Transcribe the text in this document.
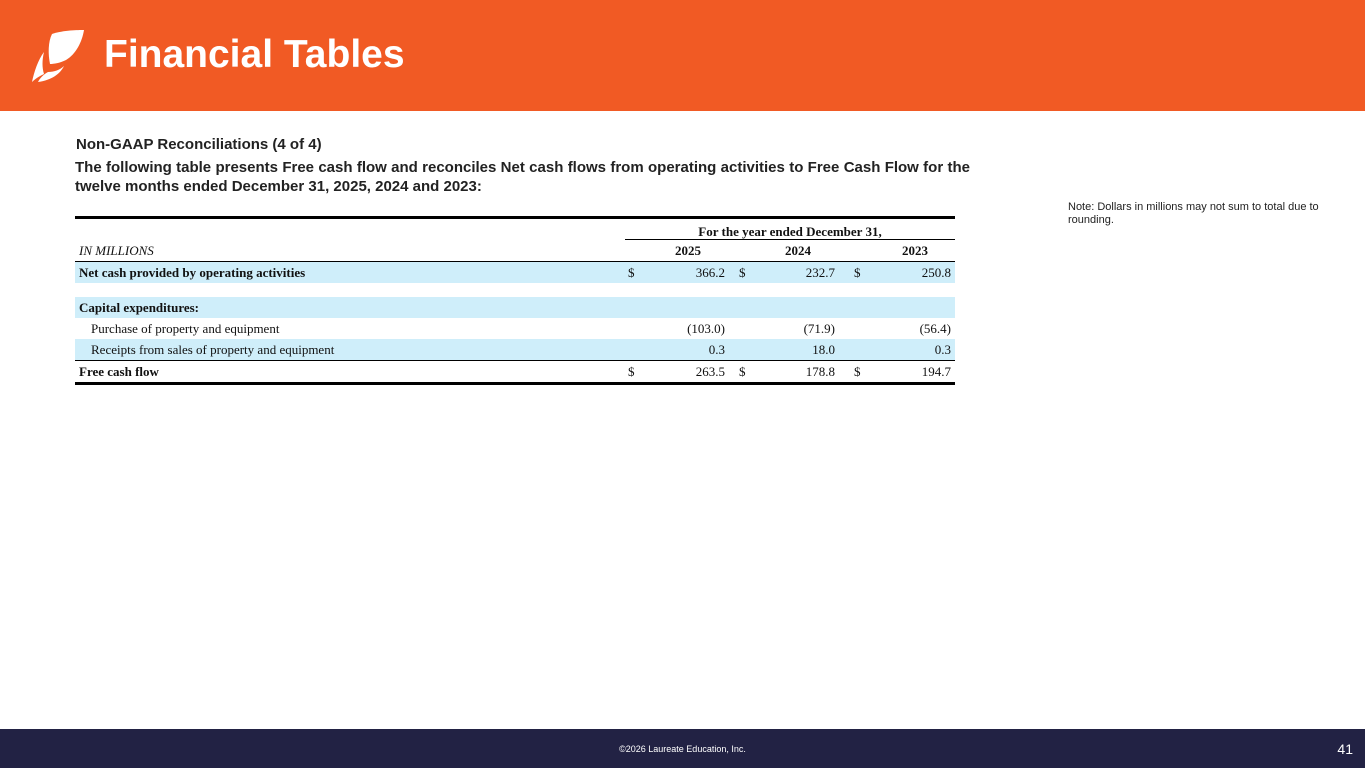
Financial Tables
Non-GAAP Reconciliations (4 of 4)
The following table presents Free cash flow and reconciles Net cash flows from operating activities to Free Cash Flow for the twelve months ended December 31, 2025, 2024 and 2023:
Note: Dollars in millions may not sum to total due to rounding.
For the year ended December 31,
IN MILLIONS	2025	2024	2023
Net cash provided by operating activities	$	366.2 $	232.7 $	250.8
Capital expenditures:
Purchase of property and equipment	(103.0)	(71.9)	(56.4)
Receipts from sales of property and equipment	0.3	18.0	0.3
Free cash flow	$	263.5 $	178.8 $	194.7
©2026 Laureate Education, Inc.	41
